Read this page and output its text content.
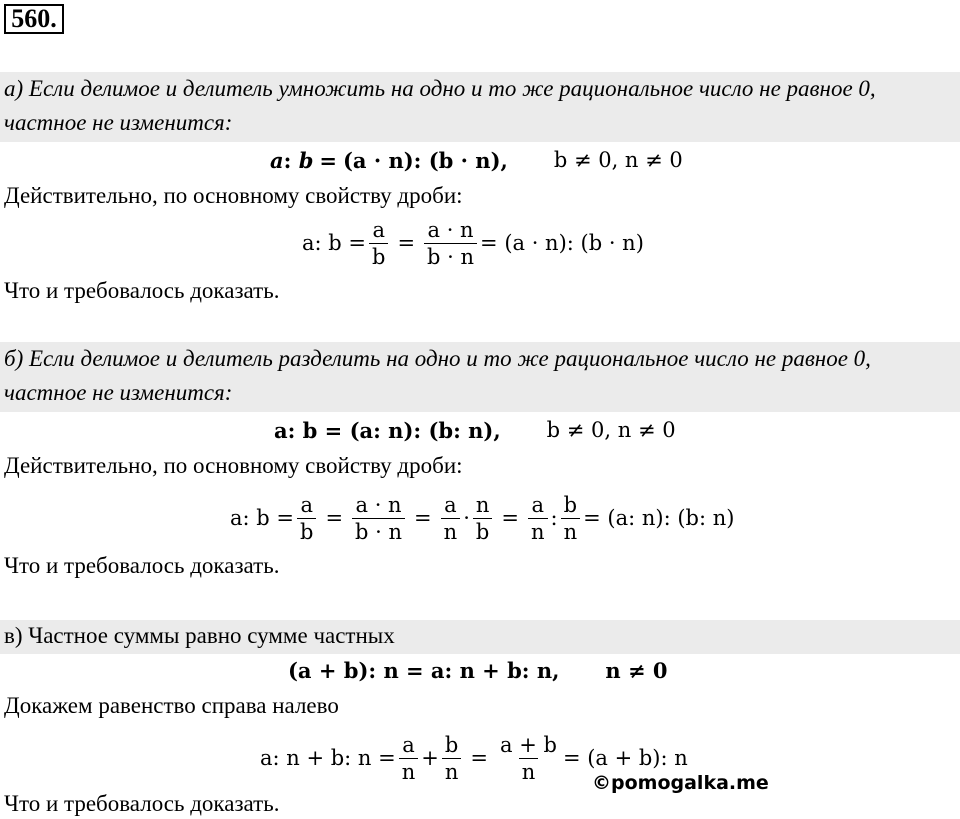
560.
а) Если делимое и делитель умножить на одно и то же рациональное число не равное 0, частное не изменится:
a :
b = (a · n) : (b · n) , b ≠ 0, n ≠ 0
Действительно, по основному свойству дроби:
a: $b = \frac{a}{b} = \frac{a \cdot n}{b \cdot n} = (a \cdot n)$: (b · n)
Что и требовалось доказать.
б) Если делимое и делитель разделить на одно и то же рациональное число не равное 0, частное не изменится:
a: b = (a: n): (b: n), b ≠ 0, n ≠ 0
Действительно, по основному свойству дроби:
a: $b = \frac{a}{b} = \frac{a \cdot n}{b \cdot n} = \frac{a}{n} \cdot \frac{n}{b} = \frac{a}{n}$ : $\frac{b}{n} = (a$: n): (b: n)
Что и требовалось доказать.
в) Частное суммы равно сумме частных
(a + b): n = a: n + b: n, n ≠ 0
Докажем равенство справа налево
a: n + b: $n = \frac{a}{n} + \frac{b}{n} = \frac{a + b}{n} = (a + b)$: n
©pomogalka.me
Что и требовалось доказать.
